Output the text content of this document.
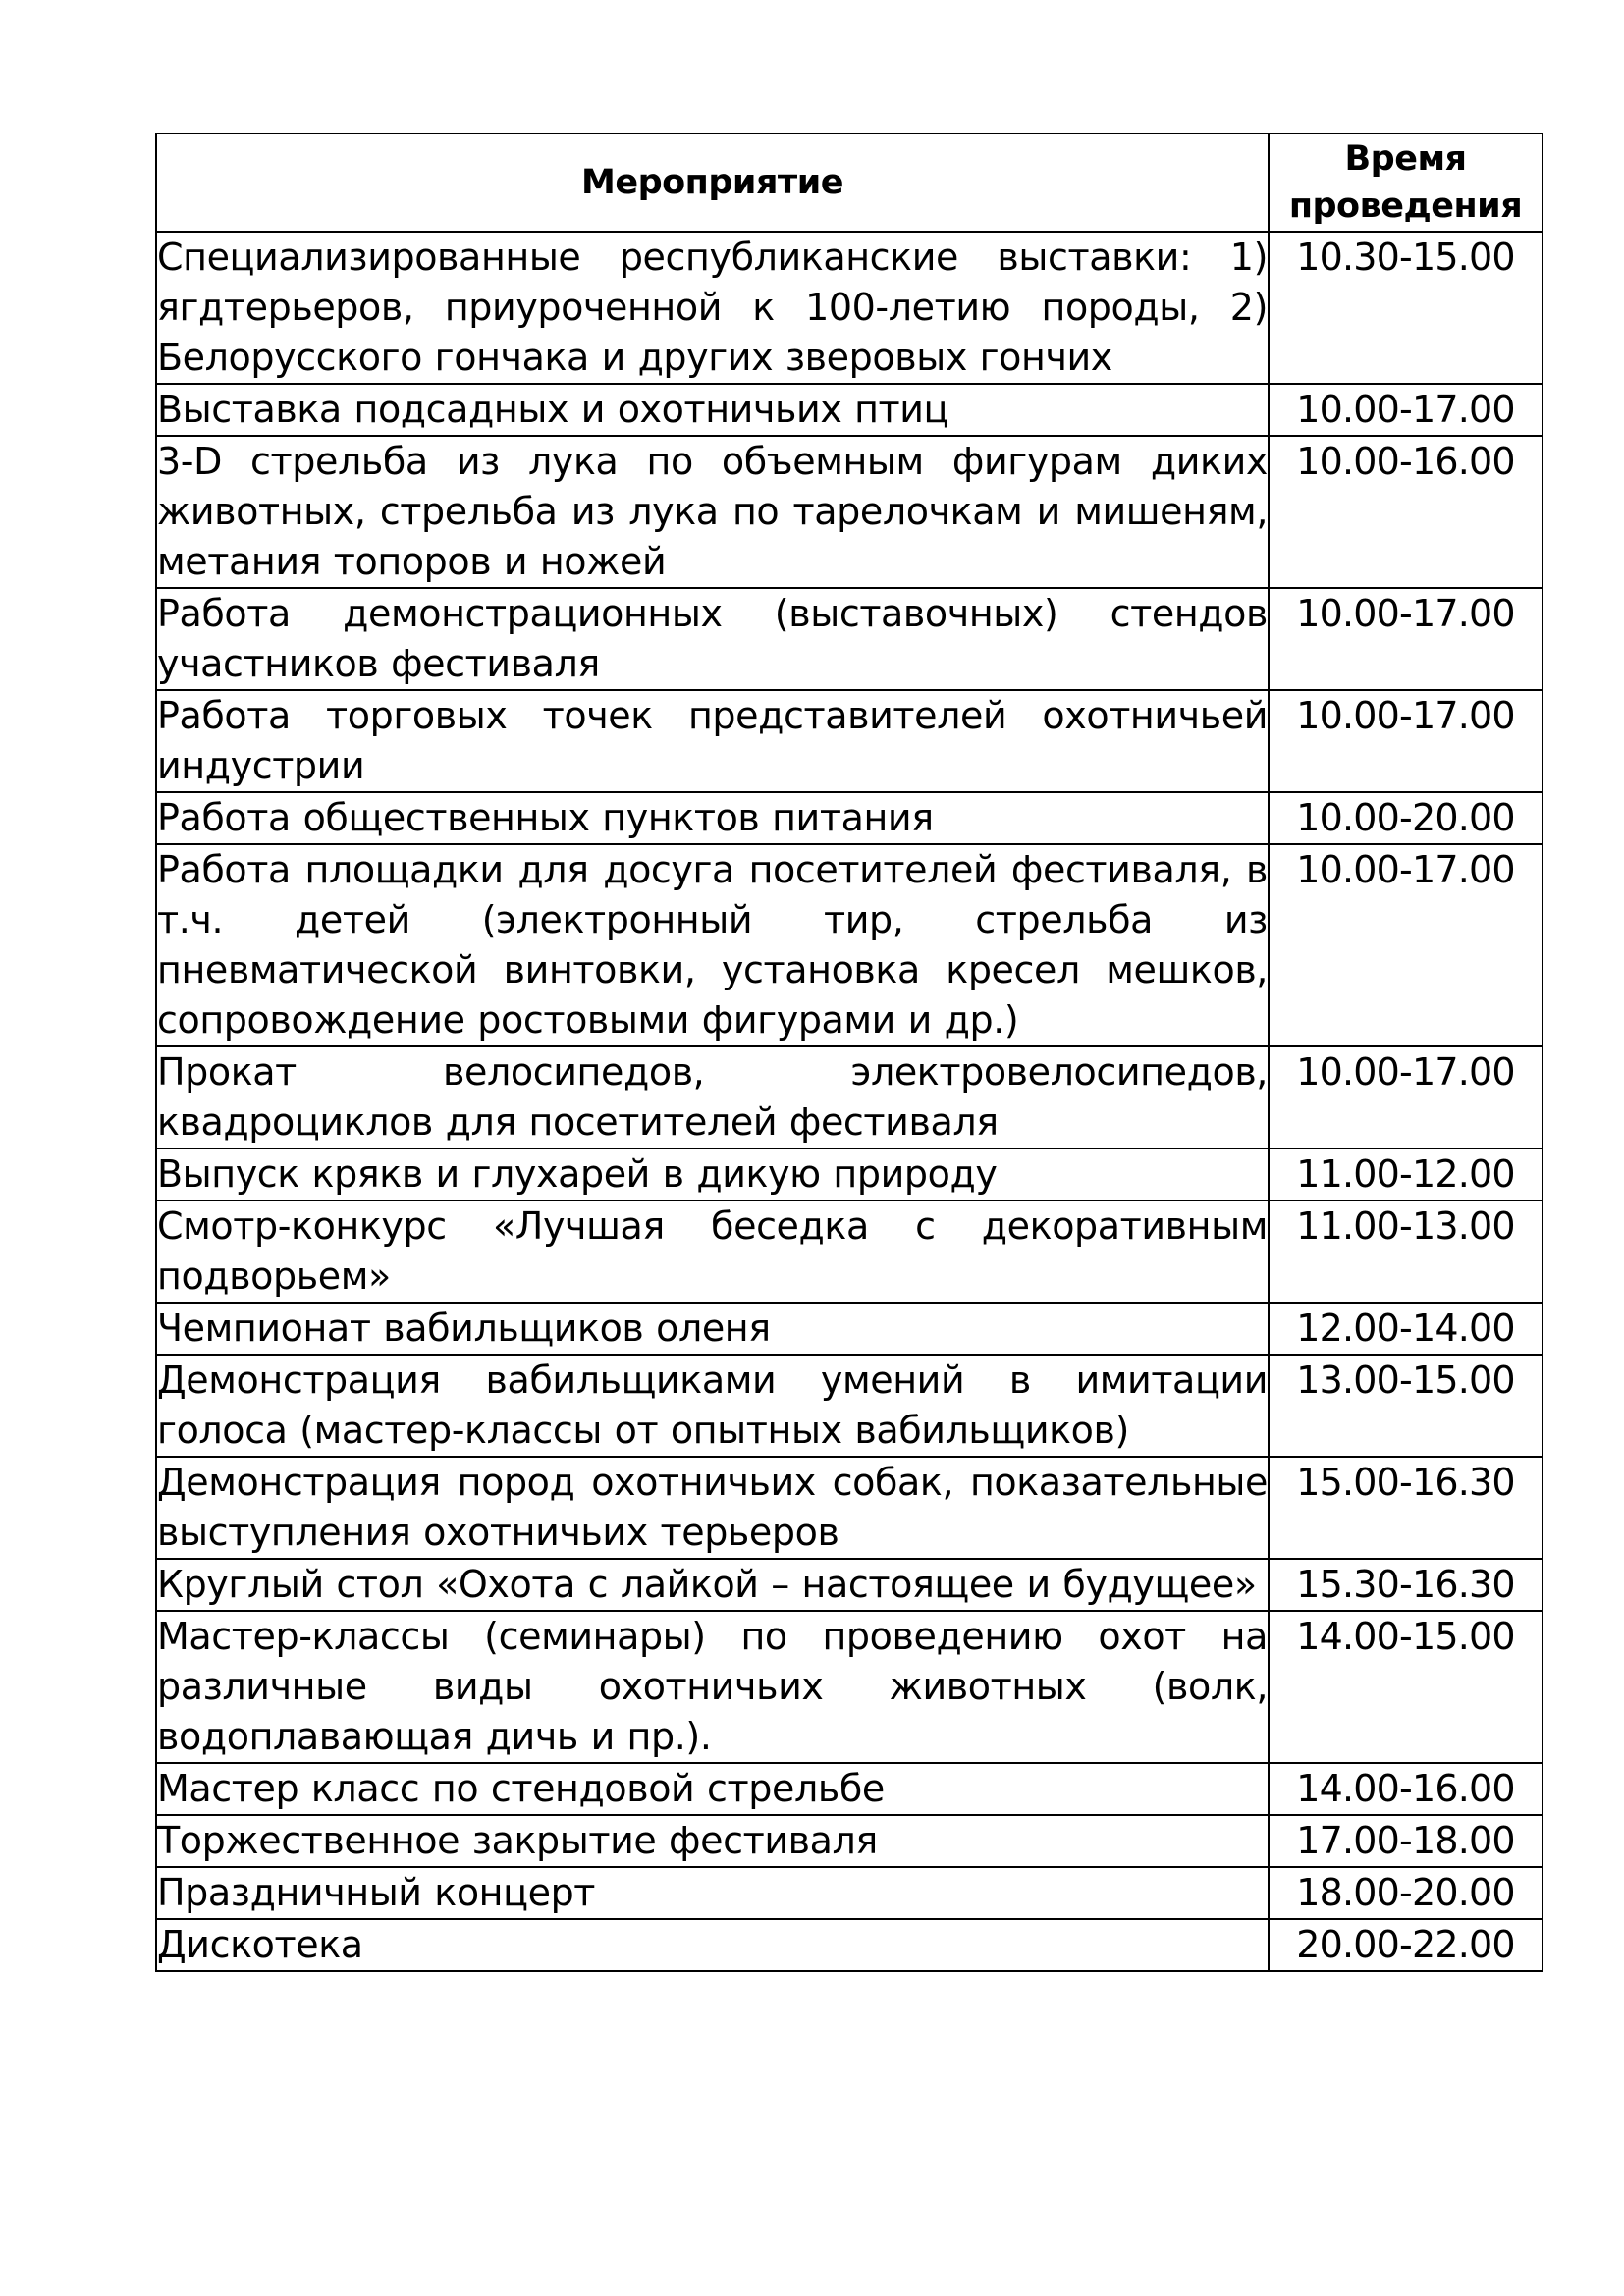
Мероприятие	Время
проведения
Специализированные республиканские выставки: 1) ягдтерьеров, приуроченной к 100-летию породы, 2) Белорусского гончака и других зверовых гончих	10.30-15.00
Выставка подсадных и охотничьих птиц	10.00-17.00
3-D стрельба из лука по объемным фигурам диких животных, стрельба из лука по тарелочкам и мишеням, метания топоров и ножей	10.00-16.00
Работа демонстрационных (выставочных) стендов участников фестиваля	10.00-17.00
Работа торговых точек представителей охотничьей индустрии	10.00-17.00
Работа общественных пунктов питания	10.00-20.00
Работа площадки для досуга посетителей фестиваля, в т.ч. детей (электронный тир, стрельба из пневматической винтовки, установка кресел мешков, сопровождение ростовыми фигурами и др.)	10.00-17.00
Прокат велосипедов, электровелосипедов, квадроциклов для посетителей фестиваля	10.00-17.00
Выпуск крякв и глухарей в дикую природу	11.00-12.00
Смотр-конкурс «Лучшая беседка с декоративным подворьем»	11.00-13.00
Чемпионат вабильщиков оленя	12.00-14.00
Демонстрация вабильщиками умений в имитации голоса (мастер-классы от опытных вабильщиков)	13.00-15.00
Демонстрация пород охотничьих собак, показательные выступления охотничьих терьеров	15.00-16.30
Круглый стол «Охота с лайкой – настоящее и будущее»	15.30-16.30
Мастер-классы (семинары) по проведению охот на различные виды охотничьих животных (волк, водоплавающая дичь и пр.).	14.00-15.00
Мастер класс по стендовой стрельбе	14.00-16.00
Торжественное закрытие фестиваля	17.00-18.00
Праздничный концерт	18.00-20.00
Дискотека	20.00-22.00
